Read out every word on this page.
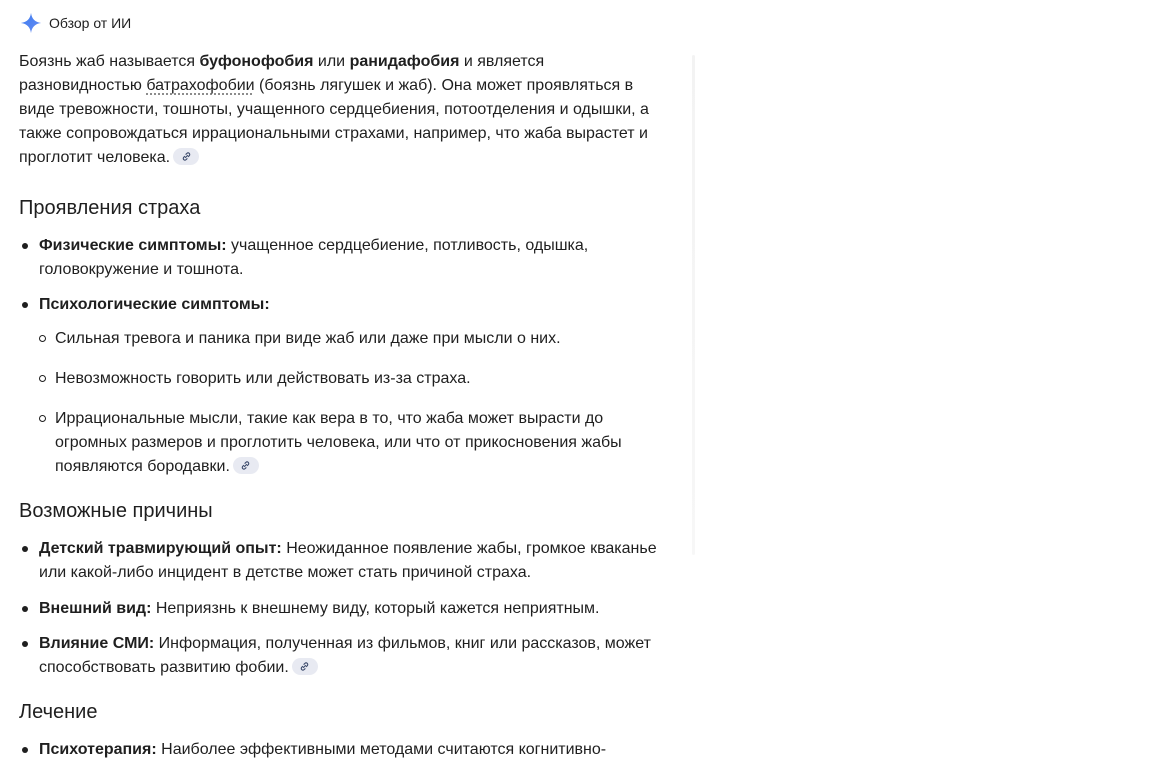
Обзор от ИИ

Боязнь жаб называется буфонофобия или ранидафобия и является разновидностью батрахофобии (боязнь лягушек и жаб). Она может проявляться в виде тревожности, тошноты, учащенного сердцебиения, потоотделения и одышки, а также сопровождаться иррациональными страхами, например, что жаба вырастет и проглотит человека.

Проявления страха
Физические симптомы: учащенное сердцебиение, потливость, одышка, головокружение и тошнота.
Психологические симптомы:
Сильная тревога и паника при виде жаб или даже при мысли о них.
Невозможность говорить или действовать из-за страха.
Иррациональные мысли, такие как вера в то, что жаба может вырасти до огромных размеров и проглотить человека, или что от прикосновения жабы появляются бородавки.
Возможные причины
Детский травмирующий опыт: Неожиданное появление жабы, громкое кваканье или какой-либо инцидент в детстве может стать причиной страха.
Внешний вид: Неприязнь к внешнему виду, который кажется неприятным.
Влияние СМИ: Информация, полученная из фильмов, книг или рассказов, может способствовать развитию фобии.
Лечение
Психотерапия: Наиболее эффективными методами считаются когнитивно-
